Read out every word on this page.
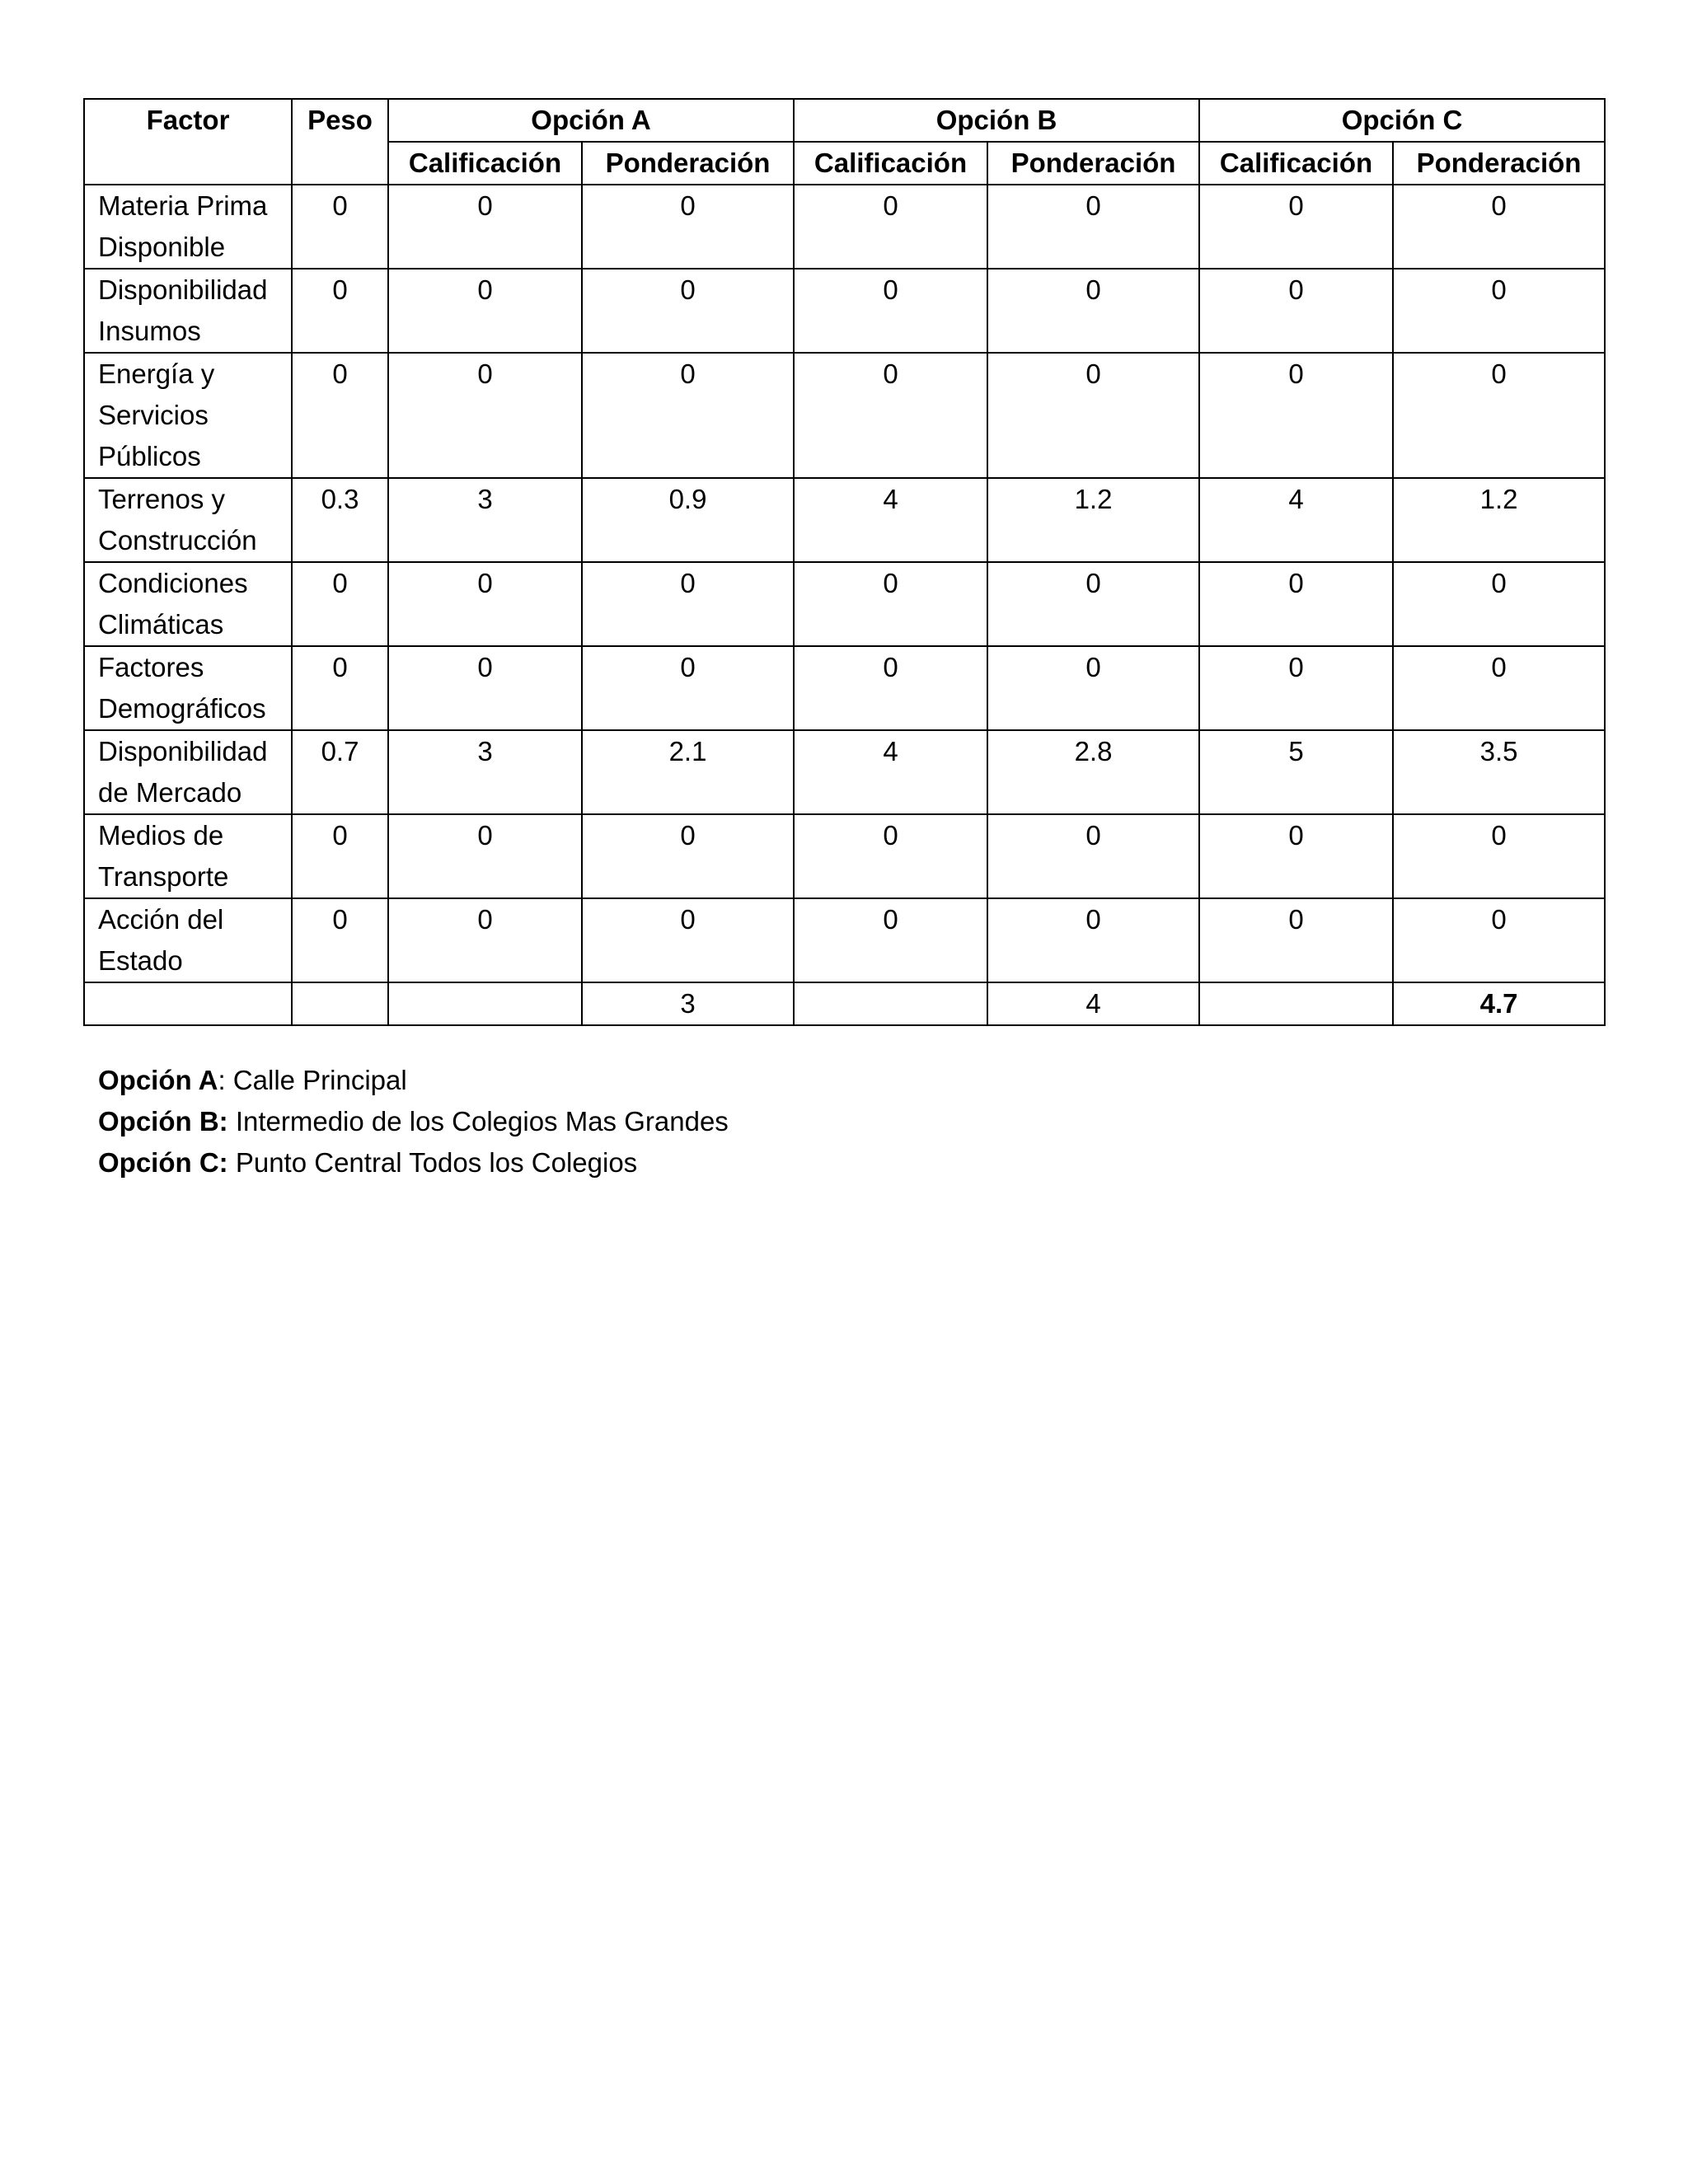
Factor	Peso	Opción A		Opción B		Opción C	
		Calificación	Ponderación	Calificación	Ponderación	Calificación	Ponderación

Materia Prima
Disponible	0	0	0	0	0	0	0

Disponibilidad
Insumos	0	0	0	0	0	0	0

Energía y
Servicios
Públicos	0	0	0	0	0	0	0

Terrenos y
Construcción	0.3	3	0.9	4	1.2	4	1.2

Condiciones
Climáticas	0	0	0	0	0	0	0

Factores
Demográficos	0	0	0	0	0	0	0

Disponibilidad
de Mercado	0.7	3	2.1	4	2.8	5	3.5

Medios de
Transporte	0	0	0	0	0	0	0

Acción del
Estado	0	0	0	0	0	0	0
			3		4		4.7
Opción A: Calle Principal
Opción B: Intermedio de los Colegios Mas Grandes
Opción C: Punto Central Todos los Colegios
